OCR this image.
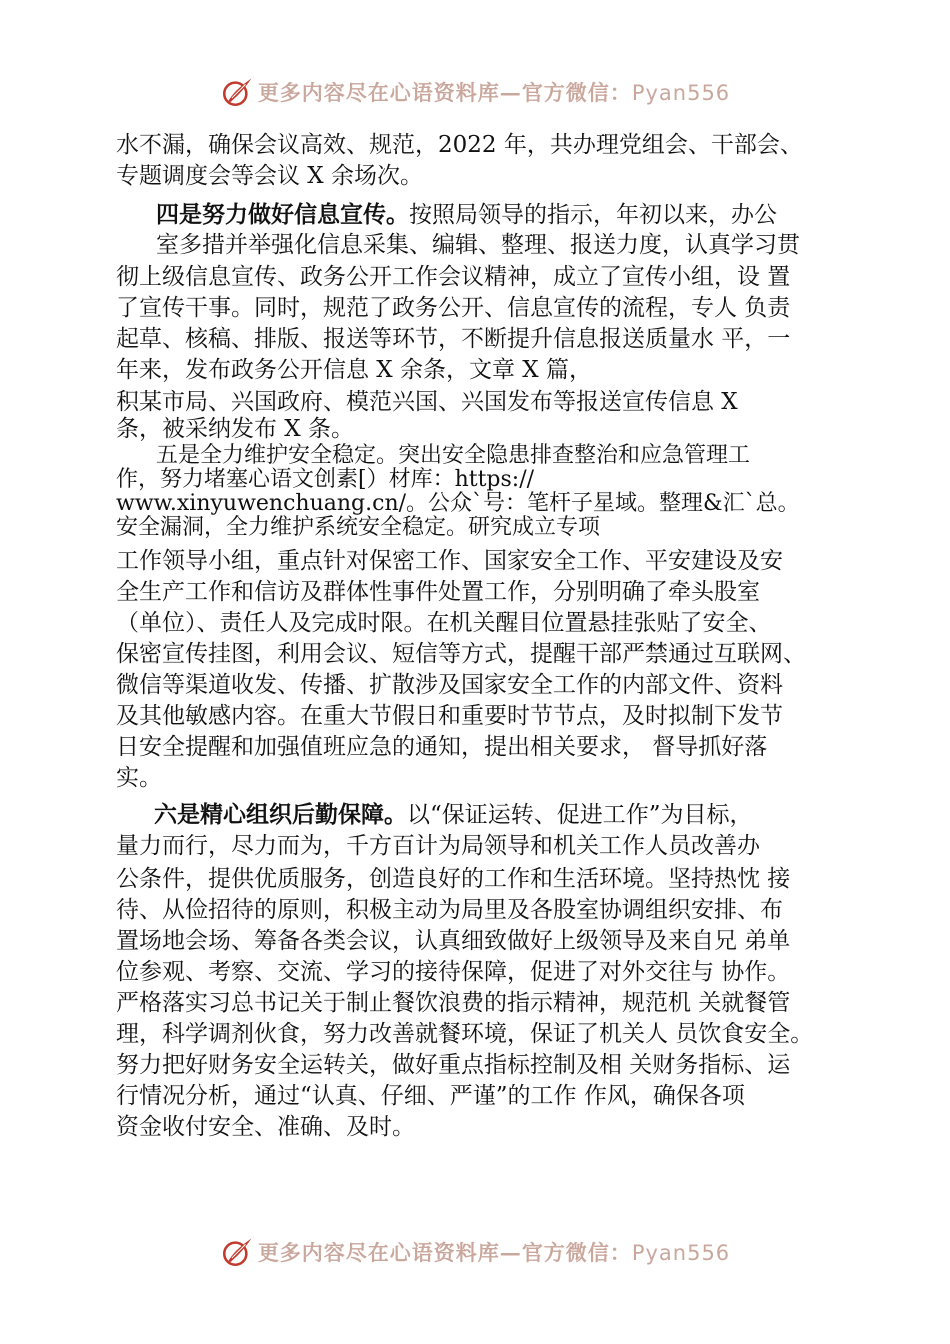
更多内容尽在心语资料库—官方微信：Pyan556
水不漏，确保会议高效、规范，2022 年，共办理党组会、干部会、
专题调度会等会议 X 余场次。
四是努力做好信息宣传。按照局领导的指示，年初以来，办公
室多措并举强化信息采集、编辑、整理、报送力度，认真学习贯
彻上级信息宣传、政务公开工作会议精神，成立了宣传小组，设 置
了宣传干事。同时，规范了政务公开、信息宣传的流程，专人 负责
起草、核稿、排版、报送等环节，不断提升信息报送质量水 平，一
年来，发布政务公开信息 X 余条，文章 X 篇，
积某市局、兴国政府、模范兴国、兴国发布等报送宣传信息 X
条，被采纳发布 X 条。
五是全力维护安全稳定。突出安全隐患排查整治和应急管理工
作，努力堵塞心语文创素[）材库：https://
www.xinyuwenchuang.cn/。公众`号：笔杆子星域。整理&汇`总。
安全漏洞，全力维护系统安全稳定。研究成立专项
工作领导小组，重点针对保密工作、国家安全工作、平安建设及安
全生产工作和信访及群体性事件处置工作，分别明确了牵头股室
（单位）、责任人及完成时限。在机关醒目位置悬挂张贴了安全、
保密宣传挂图，利用会议、短信等方式，提醒干部严禁通过互联网、
微信等渠道收发、传播、扩散涉及国家安全工作的内部文件、资料
及其他敏感内容。在重大节假日和重要时节节点，及时拟制下发节
日安全提醒和加强值班应急的通知，提出相关要求， 督导抓好落
实。
六是精心组织后勤保障。以“保证运转、促进工作”为目标，
量力而行，尽力而为，千方百计为局领导和机关工作人员改善办
公条件，提供优质服务，创造良好的工作和生活环境。坚持热忱 接
待、从俭招待的原则，积极主动为局里及各股室协调组织安排、布
置场地会场、筹备各类会议，认真细致做好上级领导及来自兄 弟单
位参观、考察、交流、学习的接待保障，促进了对外交往与 协作。
严格落实习总书记关于制止餐饮浪费的指示精神，规范机 关就餐管
理，科学调剂伙食，努力改善就餐环境，保证了机关人 员饮食安全。
努力把好财务安全运转关，做好重点指标控制及相 关财务指标、运
行情况分析，通过“认真、仔细、严谨”的工作 作风，确保各项
资金收付安全、准确、及时。
更多内容尽在心语资料库—官方微信：Pyan556
